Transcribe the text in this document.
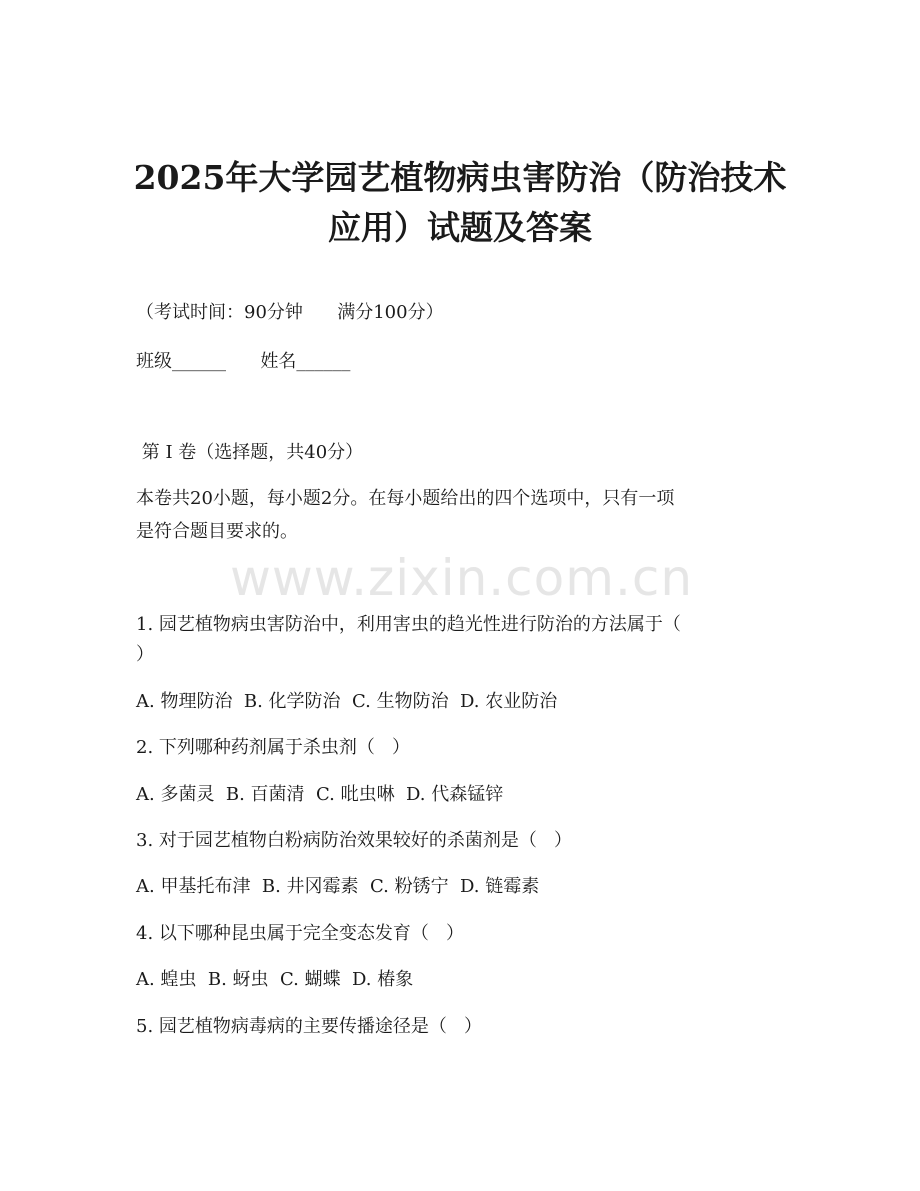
2025年大学园艺植物病虫害防治（防治技术
应用）试题及答案

（考试时间：90分钟      满分100分）

班级______      姓名______

第 I 卷（选择题，共40分）

本卷共20小题，每小题2分。在每小题给出的四个选项中，只有一项

是符合题目要求的。

www.zixin.com.cn

1. 园艺植物病虫害防治中，利用害虫的趋光性进行防治的方法属于（

）

A. 物理防治  B. 化学防治  C. 生物防治  D. 农业防治

2. 下列哪种药剂属于杀虫剂（   ）

A. 多菌灵  B. 百菌清  C. 吡虫啉  D. 代森锰锌

3. 对于园艺植物白粉病防治效果较好的杀菌剂是（   ）

A. 甲基托布津  B. 井冈霉素  C. 粉锈宁  D. 链霉素

4. 以下哪种昆虫属于完全变态发育（   ）

A. 蝗虫  B. 蚜虫  C. 蝴蝶  D. 椿象

5. 园艺植物病毒病的主要传播途径是（   ）
